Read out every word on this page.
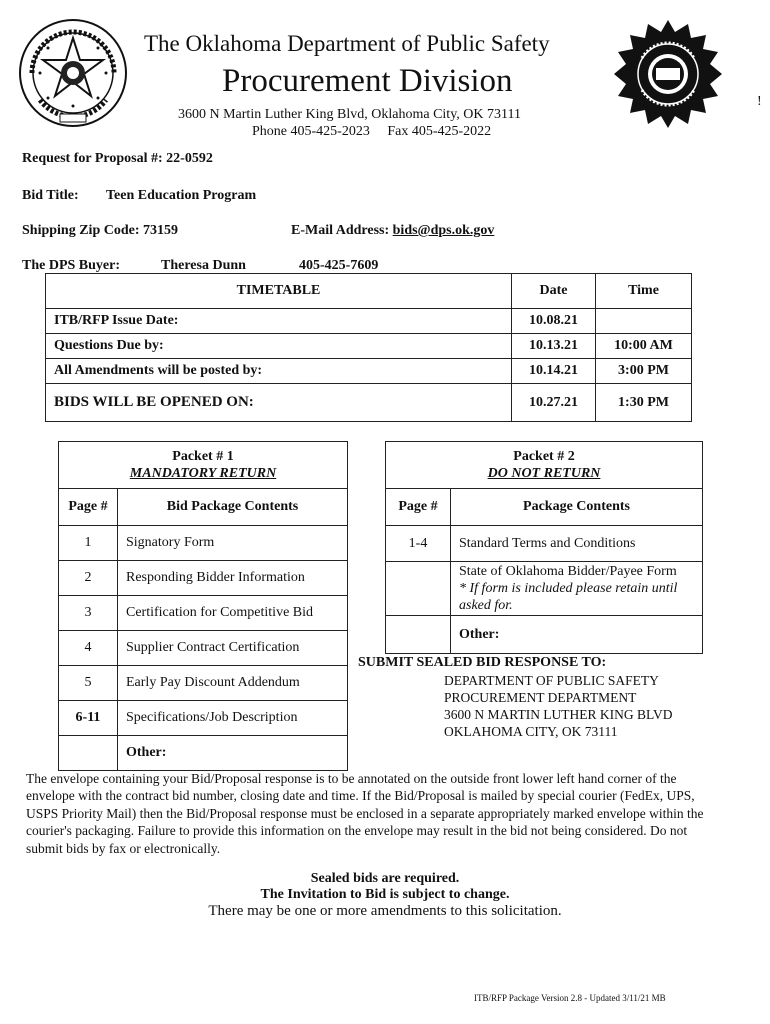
!
The Oklahoma Department of Public Safety
Procurement Division
3600 N Martin Luther King Blvd, Oklahoma City, OK 73111
Phone 405-425-2023 Fax 405-425-2022
Request for Proposal #: 22-0592
Bid Title: Teen Education Program
Shipping Zip Code: 73159	E-Mail Address: bids@dps.ok.gov
The DPS Buyer:	Theresa Dunn	405-425-7609
TIMETABLE	Date	Time
ITB/RFP Issue Date:	10.08.21	
Questions Due by:	10.13.21	10:00 AM
All Amendments will be posted by:	10.14.21	3:00 PM
BIDS WILL BE OPENED ON:	10.27.21	1:30 PM
Packet # 1
MANDATORY RETURN	

Page #	Bid Package Contents
1	Signatory Form
2	Responding Bidder Information
3	Certification for Competitive Bid
4	Supplier Contract Certification
5	Early Pay Discount Addendum
6-11	Specifications/Job Description
	Other:
Packet # 2
DO NOT RETURN	

Page #	Package Contents
1-4	Standard Terms and Conditions

	State of Oklahoma Bidder/Payee Form
* If form is included please retain until asked for.

	Other:
SUBMIT SEALED BID RESPONSE TO:
DEPARTMENT OF PUBLIC SAFETY
PROCUREMENT DEPARTMENT
3600 N MARTIN LUTHER KING BLVD
OKLAHOMA CITY, OK 73111
The envelope containing your Bid/Proposal response is to be annotated on the outside front lower left hand corner of the envelope with the contract bid number, closing date and time. If the Bid/Proposal is mailed by special courier (FedEx, UPS, USPS Priority Mail) then the Bid/Proposal response must be enclosed in a separate appropriately marked envelope within the courier's packaging. Failure to provide this information on the envelope may result in the bid not being considered. Do not submit bids by fax or electronically.
Sealed bids are required.
The Invitation to Bid is subject to change.
There may be one or more amendments to this solicitation.
ITB/RFP Package Version 2.8 - Updated 3/11/21 MB
